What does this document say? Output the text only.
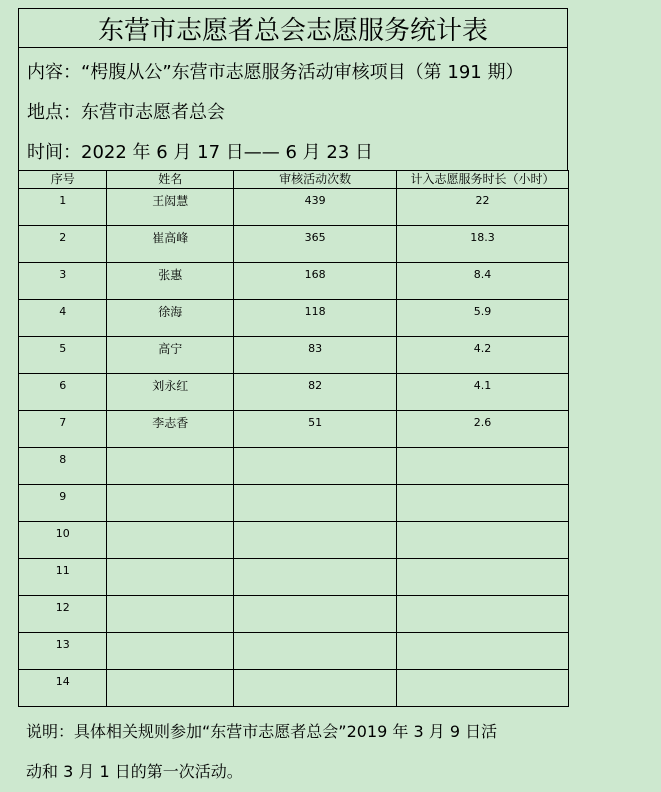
东营市志愿者总会志愿服务统计表
内容：“枵腹从公”东营市志愿服务活动审核项目（第 191 期）
地点：东营市志愿者总会
时间：2022 年 6 月 17 日—— 6 月 23 日
序号	姓名	审核活动次数	计入志愿服务时长（小时）
1	王闳慧	439	22
2	崔高峰	365	18.3
3	张惠	168	8.4
4	徐海	118	5.9
5	高宁	83	4.2
6	刘永红	82	4.1
7	李志香	51	2.6
8			
9			
10			
11			
12			
13			
14			
说明：具体相关规则参加“东营市志愿者总会”2019 年 3 月 9 日活
动和 3 月 1 日的第一次活动。
